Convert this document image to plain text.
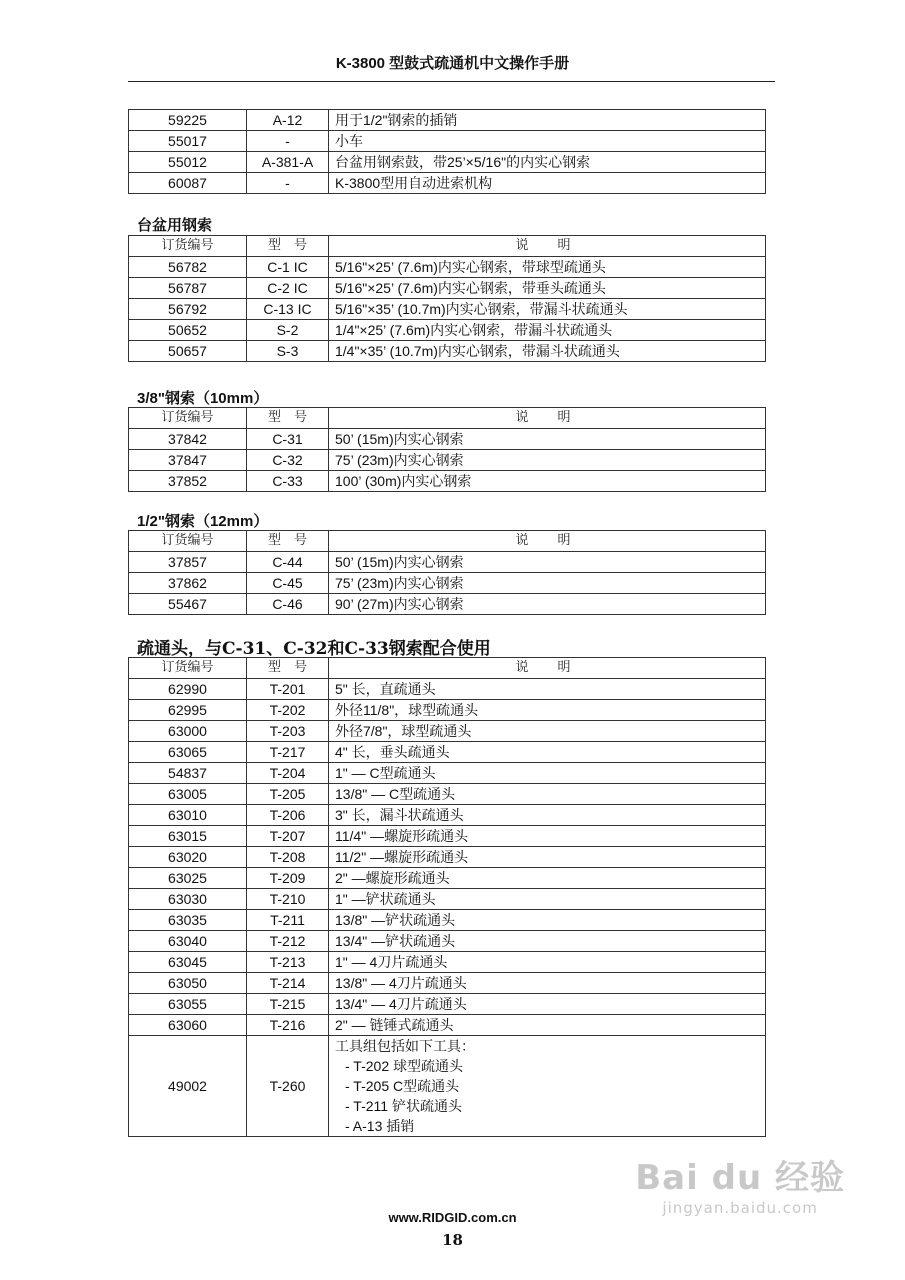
K-3800 型鼓式疏通机中文操作手册
59225	A-12	用于1/2"钢索的插销
55017	-	小车
55012	A-381-A	台盆用钢索鼓，带25’×5/16"的内实心钢索
60087	-	K-3800型用自动进索机构
台盆用钢索
订货编号	型　号	说　明
56782	C-1 IC	5/16"×25’ (7.6m)内实心钢索，带球型疏通头
56787	C-2 IC	5/16"×25’ (7.6m)内实心钢索，带垂头疏通头
56792	C-13 IC	5/16"×35’ (10.7m)内实心钢索，带漏斗状疏通头
50652	S-2	1/4"×25’ (7.6m)内实心钢索，带漏斗状疏通头
50657	S-3	1/4"×35’ (10.7m)内实心钢索，带漏斗状疏通头
3/8"钢索（10mm）
订货编号	型　号	说　明
37842	C-31	50’ (15m)内实心钢索
37847	C-32	75’ (23m)内实心钢索
37852	C-33	100’ (30m)内实心钢索
1/2"钢索（12mm）
订货编号	型　号	说　明
37857	C-44	50’ (15m)内实心钢索
37862	C-45	75’ (23m)内实心钢索
55467	C-46	90’ (27m)内实心钢索
疏通头，与C-31、C-32和C-33钢索配合使用
订货编号	型　号	说　明
62990	T-201	5" 长，直疏通头
62995	T-202	外径11/8"，球型疏通头
63000	T-203	外径7/8"，球型疏通头
63065	T-217	4" 长，垂头疏通头
54837	T-204	1" — C型疏通头
63005	T-205	13/8" — C型疏通头
63010	T-206	3" 长，漏斗状疏通头
63015	T-207	11/4" —螺旋形疏通头
63020	T-208	11/2" —螺旋形疏通头
63025	T-209	2" —螺旋形疏通头
63030	T-210	1" —铲状疏通头
63035	T-211	13/8" —铲状疏通头
63040	T-212	13/4" —铲状疏通头
63045	T-213	1" — 4刀片疏通头
63050	T-214	13/8" — 4刀片疏通头
63055	T-215	13/4" — 4刀片疏通头
63060	T-216	2" — 链锤式疏通头
49002	T-260	工具组包括如下工具：
- T-202 球型疏通头
- T-205 C型疏通头
- T-211 铲状疏通头
- A-13 插销
Bai du 经验
jingyan.baidu.com
www.RIDGID.com.cn
18
